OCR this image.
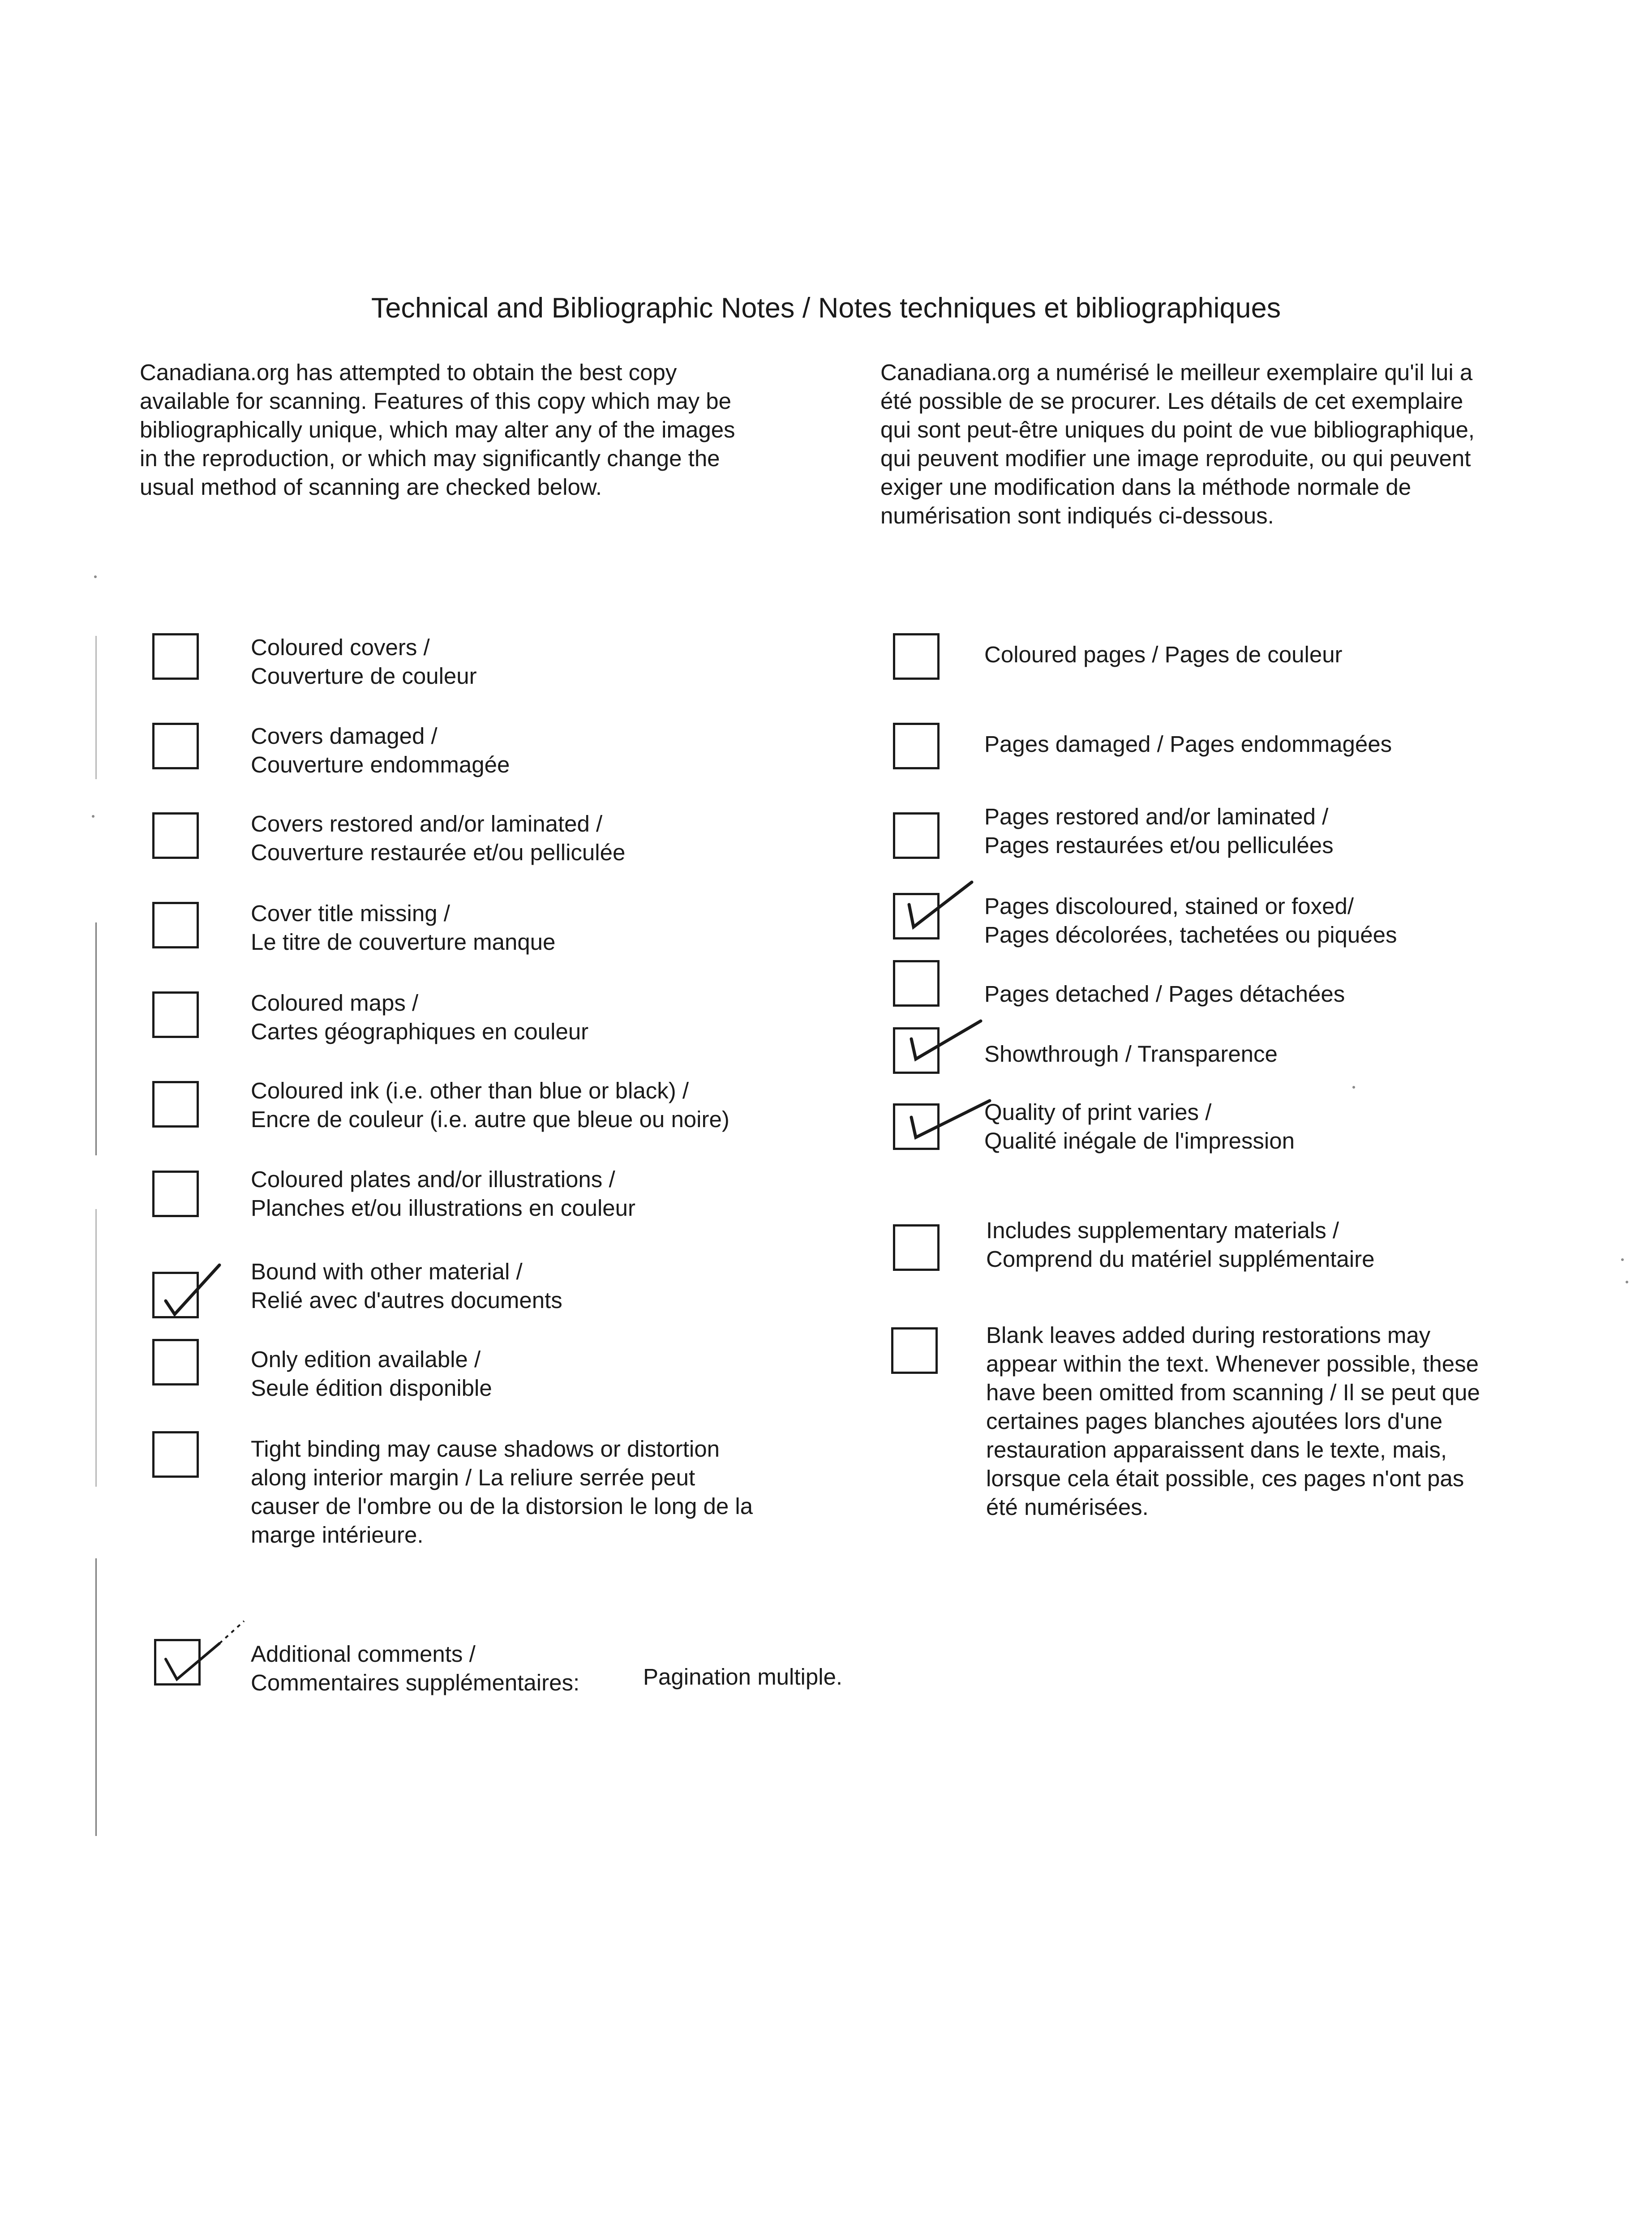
Technical and Bibliographic Notes / Notes techniques et bibliographiques
Canadiana.org has attempted to obtain the best copy
available for scanning. Features of this copy which may be
bibliographically unique, which may alter any of the images
in the reproduction, or which may significantly change the
usual method of scanning are checked below.
Canadiana.org a numérisé le meilleur exemplaire qu'il lui a
été possible de se procurer. Les détails de cet exemplaire
qui sont peut-être uniques du point de vue bibliographique,
qui peuvent modifier une image reproduite, ou qui peuvent
exiger une modification dans la méthode normale de
numérisation sont indiqués ci-dessous.
Coloured covers /
Couverture de couleur
Covers damaged /
Couverture endommagée
Covers restored and/or laminated /
Couverture restaurée et/ou pelliculée
Cover title missing /
Le titre de couverture manque
Coloured maps /
Cartes géographiques en couleur
Coloured ink (i.e. other than blue or black) /
Encre de couleur (i.e. autre que bleue ou noire)
Coloured plates and/or illustrations /
Planches et/ou illustrations en couleur
Bound with other material /
Relié avec d'autres documents
Only edition available /
Seule édition disponible
Tight binding may cause shadows or distortion
along interior margin / La reliure serrée peut
causer de l'ombre ou de la distorsion le long de la
marge intérieure.
Coloured pages / Pages de couleur
Pages damaged / Pages endommagées
Pages restored and/or laminated /
Pages restaurées et/ou pelliculées
Pages discoloured, stained or foxed/
Pages décolorées, tachetées ou piquées
Pages detached / Pages détachées
Showthrough / Transparence
Quality of print varies /
Qualité inégale de l'impression
Includes supplementary materials /
Comprend du matériel supplémentaire
Blank leaves added during restorations may
appear within the text. Whenever possible, these
have been omitted from scanning / Il se peut que
certaines pages blanches ajoutées lors d'une
restauration apparaissent dans le texte, mais,
lorsque cela était possible, ces pages n'ont pas
été numérisées.
Additional comments /
Commentaires supplémentaires:	Pagination multiple.
